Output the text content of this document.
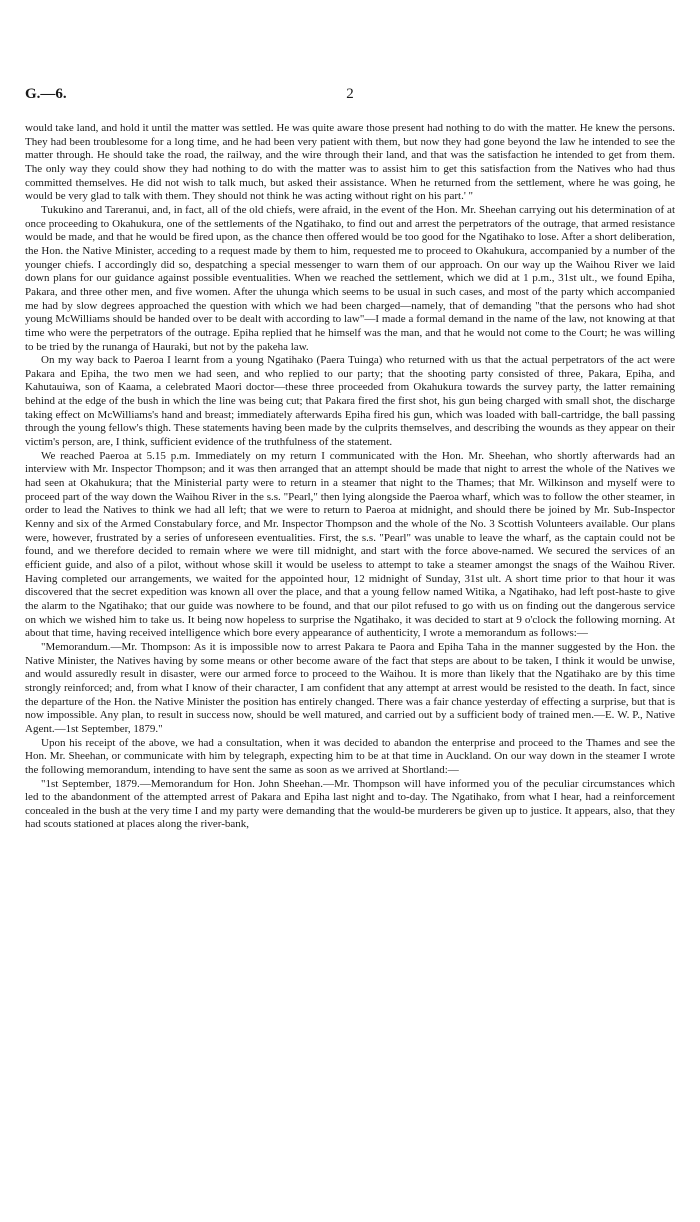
G.—6.	2

would take land, and hold it until the matter was settled. He was quite aware those present had nothing to do with the matter. He knew the persons. They had been troublesome for a long time, and he had been very patient with them, but now they had gone beyond the law he intended to see the matter through. He should take the road, the railway, and the wire through their land, and that was the satisfaction he intended to get from them. The only way they could show they had nothing to do with the matter was to assist him to get this satisfaction from the Natives who had thus committed themselves. He did not wish to talk much, but asked their assistance. When he returned from the settlement, where he was going, he would be very glad to talk with them. They should not think he was acting without right on his part.' "

Tukukino and Tareranui, and, in fact, all of the old chiefs, were afraid, in the event of the Hon. Mr. Sheehan carrying out his determination of at once proceeding to Okahukura, one of the settlements of the Ngatihako, to find out and arrest the perpetrators of the outrage, that armed resistance would be made, and that he would be fired upon, as the chance then offered would be too good for the Ngatihako to lose. After a short deliberation, the Hon. the Native Minister, acceding to a request made by them to him, requested me to proceed to Okahukura, accompanied by a number of the younger chiefs. I accordingly did so, despatching a special messenger to warn them of our approach. On our way up the Waihou River we laid down plans for our guidance against possible eventualities. When we reached the settlement, which we did at 1 p.m., 31st ult., we found Epiha, Pakara, and three other men, and five women. After the uhunga which seems to be usual in such cases, and most of the party which accompanied me had by slow degrees approached the question with which we had been charged—namely, that of demanding "that the persons who had shot young McWilliams should be handed over to be dealt with according to law"—I made a formal demand in the name of the law, not knowing at that time who were the perpetrators of the outrage. Epiha replied that he himself was the man, and that he would not come to the Court; he was willing to be tried by the runanga of Hauraki, but not by the pakeha law.

On my way back to Paeroa I learnt from a young Ngatihako (Paera Tuinga) who returned with us that the actual perpetrators of the act were Pakara and Epiha, the two men we had seen, and who replied to our party; that the shooting party consisted of three, Pakara, Epiha, and Kahutauiwa, son of Kaama, a celebrated Maori doctor—these three proceeded from Okahukura towards the survey party, the latter remaining behind at the edge of the bush in which the line was being cut; that Pakara fired the first shot, his gun being charged with small shot, the discharge taking effect on McWilliams's hand and breast; immediately afterwards Epiha fired his gun, which was loaded with ball-cartridge, the ball passing through the young fellow's thigh. These statements having been made by the culprits themselves, and describing the wounds as they appear on their victim's person, are, I think, sufficient evidence of the truthfulness of the statement.

We reached Paeroa at 5.15 p.m. Immediately on my return I communicated with the Hon. Mr. Sheehan, who shortly afterwards had an interview with Mr. Inspector Thompson; and it was then arranged that an attempt should be made that night to arrest the whole of the Natives we had seen at Okahukura; that the Ministerial party were to return in a steamer that night to the Thames; that Mr. Wilkinson and myself were to proceed part of the way down the Waihou River in the s.s. "Pearl," then lying alongside the Paeroa wharf, which was to follow the other steamer, in order to lead the Natives to think we had all left; that we were to return to Paeroa at midnight, and should there be joined by Mr. Sub-Inspector Kenny and six of the Armed Constabulary force, and Mr. Inspector Thompson and the whole of the No. 3 Scottish Volunteers available. Our plans were, however, frustrated by a series of unforeseen eventualities. First, the s.s. "Pearl" was unable to leave the wharf, as the captain could not be found, and we therefore decided to remain where we were till midnight, and start with the force above-named. We secured the services of an efficient guide, and also of a pilot, without whose skill it would be useless to attempt to take a steamer amongst the snags of the Waihou River. Having completed our arrangements, we waited for the appointed hour, 12 midnight of Sunday, 31st ult. A short time prior to that hour it was discovered that the secret expedition was known all over the place, and that a young fellow named Witika, a Ngatihako, had left post-haste to give the alarm to the Ngatihako; that our guide was nowhere to be found, and that our pilot refused to go with us on finding out the dangerous service on which we wished him to take us. It being now hopeless to surprise the Ngatihako, it was decided to start at 9 o'clock the following morning. At about that time, having received intelligence which bore every appearance of authenticity, I wrote a memorandum as follows:—

"Memorandum.—Mr. Thompson: As it is impossible now to arrest Pakara te Paora and Epiha Taha in the manner suggested by the Hon. the Native Minister, the Natives having by some means or other become aware of the fact that steps are about to be taken, I think it would be unwise, and would assuredly result in disaster, were our armed force to proceed to the Waihou. It is more than likely that the Ngatihako are by this time strongly reinforced; and, from what I know of their character, I am confident that any attempt at arrest would be resisted to the death. In fact, since the departure of the Hon. the Native Minister the position has entirely changed. There was a fair chance yesterday of effecting a surprise, but that is now impossible. Any plan, to result in success now, should be well matured, and carried out by a sufficient body of trained men.—E. W. P., Native Agent.—1st September, 1879."

Upon his receipt of the above, we had a consultation, when it was decided to abandon the enterprise and proceed to the Thames and see the Hon. Mr. Sheehan, or communicate with him by telegraph, expecting him to be at that time in Auckland. On our way down in the steamer I wrote the following memorandum, intending to have sent the same as soon as we arrived at Shortland:—

"1st September, 1879.—Memorandum for Hon. John Sheehan.—Mr. Thompson will have informed you of the peculiar circumstances which led to the abandonment of the attempted arrest of Pakara and Epiha last night and to-day. The Ngatihako, from what I hear, had a reinforcement concealed in the bush at the very time I and my party were demanding that the would-be murderers be given up to justice. It appears, also, that they had scouts stationed at places along the river-bank,
